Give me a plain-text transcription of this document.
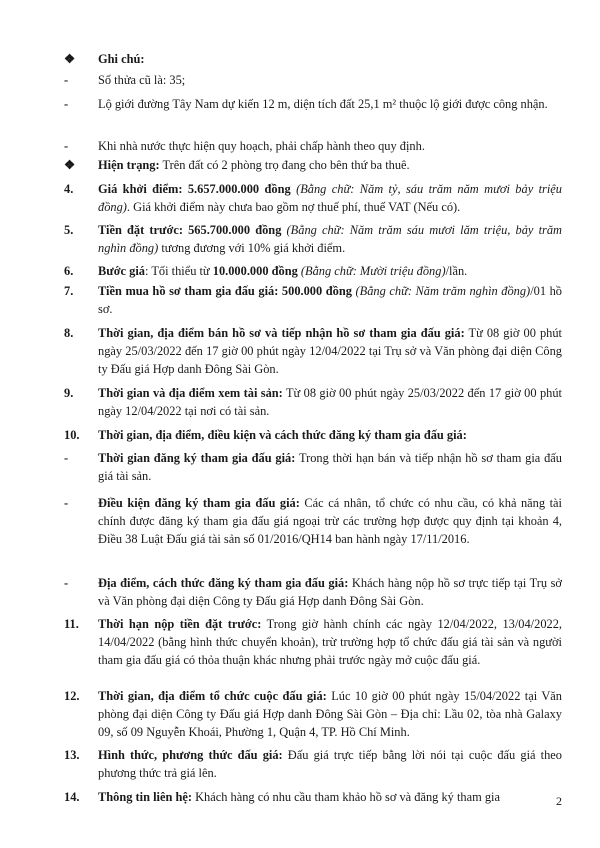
❖	Ghi chú:

-	Số thửa cũ là: 35;

-	Lộ giới đường Tây Nam dự kiến 12 m, diện tích đất 25,1 m² thuộc lộ giới được công nhận.

-	Khi nhà nước thực hiện quy hoạch, phải chấp hành theo quy định.

❖	Hiện trạng: Trên đất có 2 phòng trọ đang cho bên thứ ba thuê.

4.	Giá khởi điểm: 5.657.000.000 đồng (Bằng chữ: Năm tỷ, sáu trăm năm mươi bảy triệu đồng). Giá khởi điểm này chưa bao gồm nợ thuế phí, thuế VAT (Nếu có).

5.	Tiền đặt trước: 565.700.000 đồng (Bằng chữ: Năm trăm sáu mươi lăm triệu, bảy trăm nghìn đồng) tương đương với 10% giá khởi điểm.

6.	Bước giá: Tối thiểu từ 10.000.000 đồng (Bằng chữ: Mười triệu đồng)/lần.

7.	Tiền mua hồ sơ tham gia đấu giá: 500.000 đồng (Bằng chữ: Năm trăm nghìn đồng)/01 hồ sơ.

8.	Thời gian, địa điểm bán hồ sơ và tiếp nhận hồ sơ tham gia đấu giá: Từ 08 giờ 00 phút ngày 25/03/2022 đến 17 giờ 00 phút ngày 12/04/2022 tại Trụ sở và Văn phòng đại diện Công ty Đấu giá Hợp danh Đông Sài Gòn.

9.	Thời gian và địa điểm xem tài sản: Từ 08 giờ 00 phút ngày 25/03/2022 đến 17 giờ 00 phút ngày 12/04/2022 tại nơi có tài sản.

10.	Thời gian, địa điểm, điều kiện và cách thức đăng ký tham gia đấu giá:

-	Thời gian đăng ký tham gia đấu giá: Trong thời hạn bán và tiếp nhận hồ sơ tham gia đấu giá tài sản.

-	Điều kiện đăng ký tham gia đấu giá: Các cá nhân, tổ chức có nhu cầu, có khả năng tài chính được đăng ký tham gia đấu giá ngoại trừ các trường hợp được quy định tại khoản 4, Điều 38 Luật Đấu giá tài sản số 01/2016/QH14 ban hành ngày 17/11/2016.

-	Địa điểm, cách thức đăng ký tham gia đấu giá: Khách hàng nộp hồ sơ trực tiếp tại Trụ sở và Văn phòng đại diện Công ty Đấu giá Hợp danh Đông Sài Gòn.

11.	Thời hạn nộp tiền đặt trước: Trong giờ hành chính các ngày 12/04/2022, 13/04/2022, 14/04/2022 (bằng hình thức chuyển khoản), trừ trường hợp tổ chức đấu giá tài sản và người tham gia đấu giá có thỏa thuận khác nhưng phải trước ngày mở cuộc đấu giá.

12.	Thời gian, địa điểm tổ chức cuộc đấu giá: Lúc 10 giờ 00 phút ngày 15/04/2022 tại Văn phòng đại diện Công ty Đấu giá Hợp danh Đông Sài Gòn – Địa chỉ: Lầu 02, tòa nhà Galaxy 09, số 09 Nguyễn Khoái, Phường 1, Quận 4, TP. Hồ Chí Minh.

13.	Hình thức, phương thức đấu giá: Đấu giá trực tiếp bằng lời nói tại cuộc đấu giá theo phương thức trả giá lên.

14.	Thông tin liên hệ: Khách hàng có nhu cầu tham khảo hồ sơ và đăng ký tham gia	2
